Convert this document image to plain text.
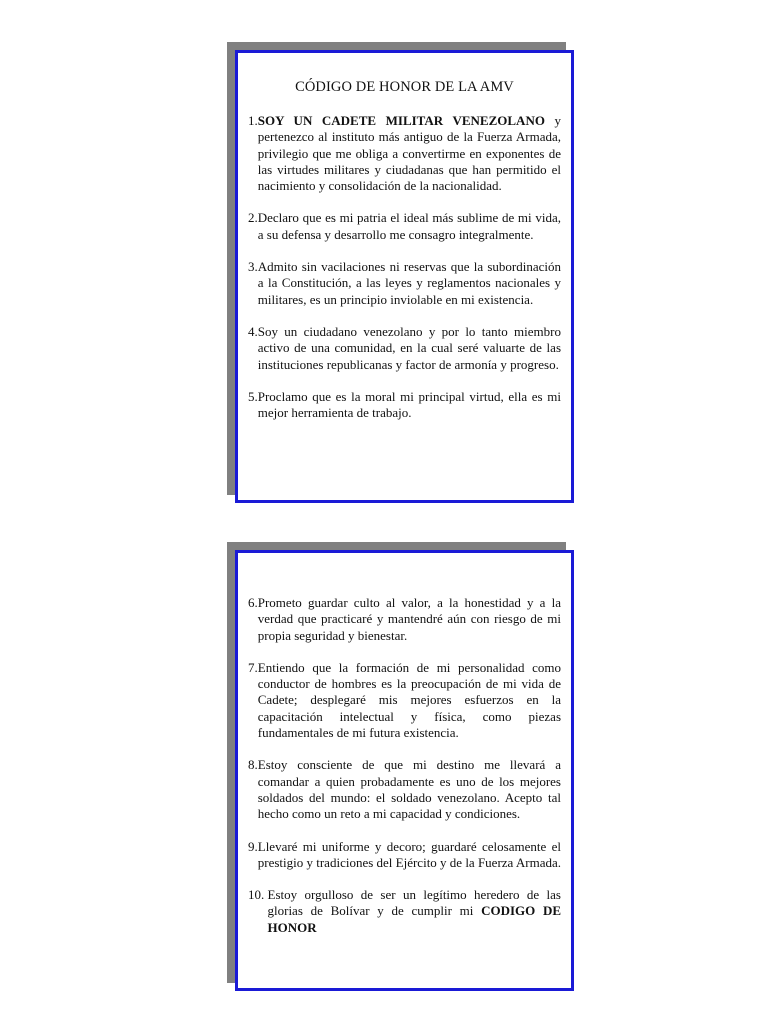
CÓDIGO DE HONOR DE LA AMV
1. SOY UN CADETE MILITAR VENEZOLANO y pertenezco al instituto más antiguo de la Fuerza Armada, privilegio que me obliga a convertirme en exponentes de las virtudes militares y ciudadanas que han permitido el nacimiento y consolidación de la nacionalidad.
2. Declaro que es mi patria el ideal más sublime de mi vida, a su defensa y desarrollo me consagro integralmente.
3. Admito sin vacilaciones ni reservas que la subordinación a la Constitución, a las leyes y reglamentos nacionales y militares, es un principio inviolable en mi existencia.
4. Soy un ciudadano venezolano y por lo tanto miembro activo de una comunidad, en la cual seré valuarte de las instituciones republicanas y factor de armonía y progreso.
5. Proclamo que es la moral mi principal virtud, ella es mi mejor herramienta de trabajo.
6. Prometo guardar culto al valor, a la honestidad y a la verdad que practicaré y mantendré aún con riesgo de mi propia seguridad y bienestar.
7. Entiendo que la formación de mi personalidad como conductor de hombres es la preocupación de mi vida de Cadete; desplegaré mis mejores esfuerzos en la capacitación intelectual y física, como piezas fundamentales de mi futura existencia.
8. Estoy consciente de que mi destino me llevará a comandar a quien probadamente es uno de los mejores soldados del mundo: el soldado venezolano. Acepto tal hecho como un reto a mi capacidad y condiciones.
9. Llevaré mi uniforme y decoro; guardaré celosamente el prestigio y tradiciones del Ejército y de la Fuerza Armada.
10. Estoy orgulloso de ser un legítimo heredero de las glorias de Bolívar y de cumplir mi CODIGO DE HONOR
